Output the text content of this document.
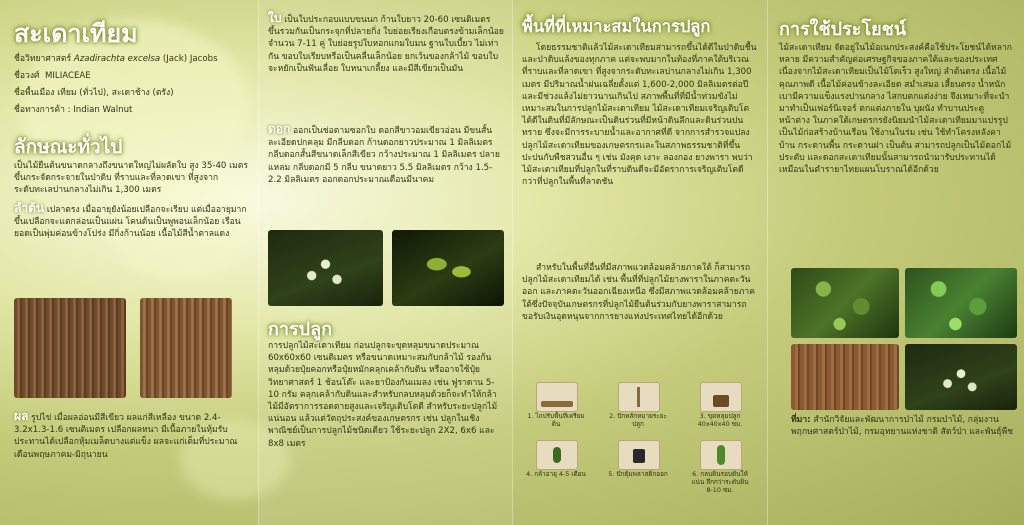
สะเดาเทียม
ชื่อวิทยาศาสตร์ Azadirachta excelsa (Jack) Jacobs
ชื่อวงศ์ MILIACEAE
ชื่อพื้นเมือง เทียม (ทั่วไป), สะเดาช้าง (ตรัง)
ชื่อทางการค้า : Indian Walnut
ลักษณะทั่วไป
เป็นไม้ยืนต้นขนาดกลางถึงขนาดใหญ่ไม่ผลัดใบ สูง 35-40 เมตร ขึ้นกระจัดกระจายในป่าดิบ ที่ราบและที่ลาดเขา ที่สูงจากระดับทะเลปานกลางไม่เกิน 1,300 เมตร
ลำต้น เปลาตรง เมื่ออายุยังน้อยเปลือกจะเรียบ แต่เมื่ออายุมากขึ้นเปลือกจะแตกล่อนเป็นแผ่น โคนต้นเป็นพูพอนเล็กน้อย เรือนยอดเป็นพุ่มค่อนข้างโปร่ง มีกิ่งก้านน้อย เนื้อไม้สีน้ำตาลแดง
ผล รูปไข่ เมื่อผลอ่อนมีสีเขียว ผลแก่สีเหลือง ขนาด 2.4-3.2x1.3-1.6 เซนติเมตร เปลือกผลหนา มีเนื้อภายในหุ้มรับประทานได้เปลือกหุ้มเมล็ดบางแต่แข็ง ผลจะแก่เต็มที่ประมาณเดือนพฤษภาคม-มิถุนายน
ใบ เป็นใบประกอบแบบขนนก ก้านใบยาว 20-60 เซนติเมตร ขึ้นรวมกันเป็นกระจุกที่ปลายกิ่ง ใบย่อยเรียงเกือบตรงข้ามเล็กน้อย จำนวน 7-11 คู่ ใบย่อยรูปใบหอกแกมใบมน ฐานใบเบี้ยว ไม่เท่ากัน ขอบใบเรียบหรือเป็นคลื่นเล็กน้อย ยกเว้นของกล้าไม้ ขอบใบจะหยักเป็นฟันเลื่อย ใบหนาเกลี้ยง และมีสีเขียวเป็นมัน
ดอก ออกเป็นช่อตามซอกใบ ดอกสีขาวอมเขียวอ่อน มีขนสั้นละเอียดปกคลุม มีกลีบดอก ก้านดอกยาวประมาณ 1 มิลลิเมตร กลีบดอกสั้นสีขนาดเล็กสีเขียว กว้างประมาณ 1 มิลลิเมตร ปลายแหลม กลีบดอกมี 5 กลีบ ขนาดยาว 5.5 มิลลิเมตร กว้าง 1.5-2.2 มิลลิเมตร ออกดอกประมาณเดือนมีนาคม
การปลูก
การปลูกไม้สะเดาเทียม ก่อนปลูกจะขุดหลุมขนาดประมาณ 60x60x60 เซนติเมตร หรือขนาดเหมาะสมกับกล้าไม้ รองก้นหลุมด้วยปุ๋ยคอกหรือปุ๋ยหมักคลุกเคล้ากับดิน หรืออาจใช้ปุ๋ยวิทยาศาสตร์ 1 ช้อนโต๊ะ และยาป้องกันแมลง เช่น ฟูราดาน 5-10 กรัม คลุกเคล้ากับดินและสำหรับกลบหลุมด้วยก็จะทำให้กล้าไม้มีอัตราการรอดตายสูงและเจริญเติบโตดี สำหรับระยะปลูกไม้แน่นอน แล้วแต่วัตถุประสงค์ของเกษตรกร เช่น ปลูกในเชิงพาณิชย์เป็นการปลูกไม้ชนิดเดียว ใช้ระยะปลูก 2X2, 6x6 และ 8x8 เมตร
พื้นที่ที่เหมาะสมในการปลูก
โดยธรรมชาติแล้วไม้สะเดาเทียมสามารถขึ้นได้ดีในป่าดิบชื้นและป่าดิบแล้งของทุกภาค แต่จะพบมากในท้องที่ภาคใต้บริเวณที่ราบและที่ลาดเขา ที่สูงจากระดับทะเลปานกลางไม่เกิน 1,300 เมตร มีปริมาณน้ำฝนเฉลี่ยตั้งแต่ 1,600-2,000 มิลลิเมตรต่อปี และมีช่วงแล้งไม่ยาวนานเกินไป สภาพพื้นที่ที่มีน้ำท่วมขังไม่เหมาะสมในการปลูกไม้สะเดาเทียม ไม้สะเดาเทียมเจริญเติบโตได้ดีในดินที่มีลักษณะเป็นดินร่วนที่มีหน้าดินลึกและดินร่วนปนทราย ซึ่งจะมีการระบายน้ำและอากาศที่ดี จากการสำรวจแปลงปลูกไม้สะเดาเทียมของเกษตรกรและในสภาพธรรมชาติที่ขึ้นปะปนกับพืชสวนอื่น ๆ เช่น มังคุด เงาะ ลองกอง ยางพารา พบว่าไม้สะเดาเทียมที่ปลูกในที่ราบดินดีจะมีอัตราการเจริญเติบโตดีกว่าที่ปลูกในพื้นที่ลาดชัน
สำหรับในพื้นที่อื่นที่มีสภาพแวดล้อมคล้ายภาคใต้ ก็สามารถปลูกไม้สะเดาเทียมได้ เช่น พื้นที่ที่ปลูกไม้ยางพาราในภาคตะวันออก และภาคตะวันออกเฉียงเหนือ ซึ่งมีสภาพแวดล้อมคล้ายภาคใต้ซึ่งปัจจุบันเกษตรกรที่ปลูกไม้ยืนต้นร่วมกับยางพาราสามารถขอรับเงินอุดหนุนจากการยางแห่งประเทศไทยได้อีกด้วย
1. ไถปรับพื้นที่เตรียมดิน
2. ปักหลักหมายระยะปลูก
3. ขุดหลุมปลูก 40x40x40 ซม.
4. กล้าอายุ 4-5 เดือน	5. ปักตุ้มพลาสติกออก	6. กลบดินรอบต้นให้แน่น ลึกกว่าระดับดิน 8-10 ซม.
การใช้ประโยชน์
ไม้สะเดาเทียม จัดอยู่ในไม้อเนกประสงค์คือใช้ประโยชน์ได้หลากหลาย มีความสำคัญต่อเศรษฐกิจของภาคใต้และของประเทศ เนื่องจากไม้สะเดาเทียมเป็นไม้โตเร็ว สูงใหญ่ ลำต้นตรง เนื้อไม้คุณภาพดี เนื้อไม้ค่อนข้างละเอียด สม่ำเสมอ เสี้ยนตรง น้ำหนักเบามีความแข็งแรงปานกลาง ไสกบตกแต่งง่าย จึงเหมาะที่จะนำมาทำเป็นเฟอร์นิเจอร์ ตกแต่งภายใน บุผนัง ทำบานประตู หน้าต่าง ในภาคใต้เกษตรกรยังนิยมนำไม้สะเดาเทียมมาแปรรูปเป็นไม้ก่อสร้างบ้านเรือน ใช้งานในร่ม เช่น ใช้ทำโครงหลังคาบ้าน กระดานพื้น กระดานฝา เป็นต้น สามารถปลูกเป็นไม้ดอกไม้ประดับ และดอกสะเดาเทียมนั้นสามารถนำมารับประทานได้เหมือนในตำรายาไทยแผนโบราณได้อีกด้วย
ที่มา: สำนักวิจัยและพัฒนาการป่าไม้ กรมป่าไม้, กลุ่มงานพฤกษศาสตร์ป่าไม้, กรมอุทยานแห่งชาติ สัตว์ป่า และพันธุ์พืช
